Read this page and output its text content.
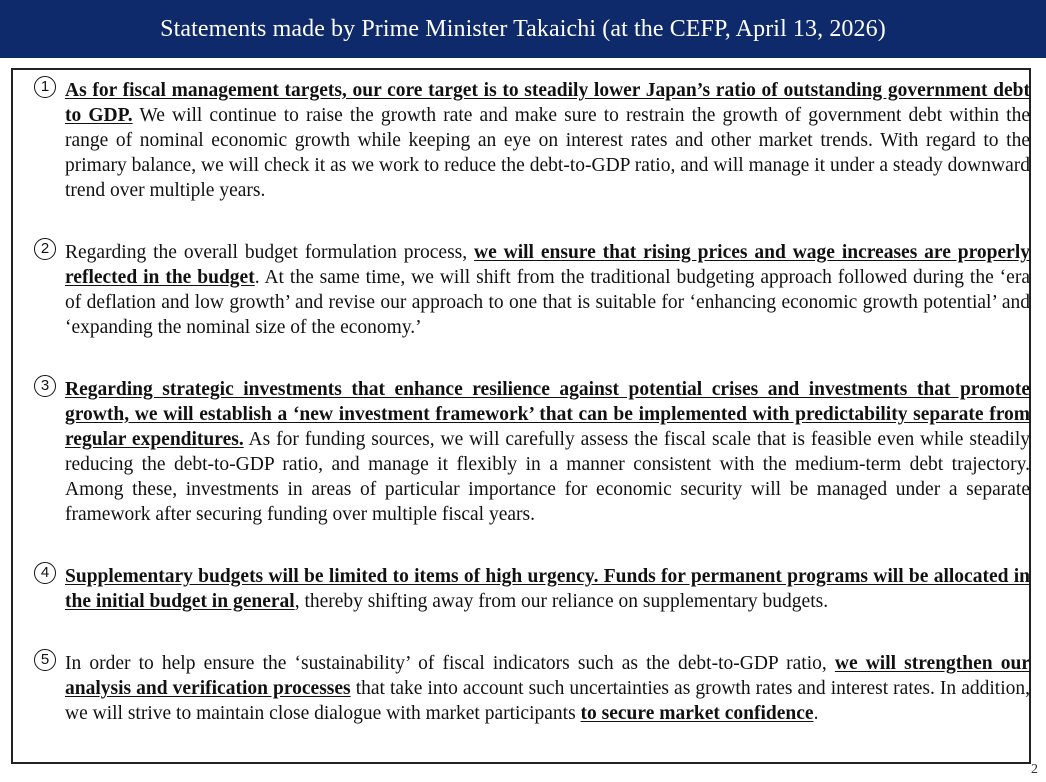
Statements made by Prime Minister Takaichi (at the CEFP, April 13, 2026)
1 As for fiscal management targets, our core target is to steadily lower Japan’s ratio of outstanding government debt to GDP. We will continue to raise the growth rate and make sure to restrain the growth of government debt within the range of nominal economic growth while keeping an eye on interest rates and other market trends. With regard to the primary balance, we will check it as we work to reduce the debt-to-GDP ratio, and will manage it under a steady downward trend over multiple years.
2 Regarding the overall budget formulation process, we will ensure that rising prices and wage increases are properly reflected in the budget. At the same time, we will shift from the traditional budgeting approach followed during the ‘era of deflation and low growth’ and revise our approach to one that is suitable for ‘enhancing economic growth potential’ and ‘expanding the nominal size of the economy.’
3 Regarding strategic investments that enhance resilience against potential crises and investments that promote growth, we will establish a ‘new investment framework’ that can be implemented with predictability separate from regular expenditures. As for funding sources, we will carefully assess the fiscal scale that is feasible even while steadily reducing the debt-to-GDP ratio, and manage it flexibly in a manner consistent with the medium-term debt trajectory. Among these, investments in areas of particular importance for economic security will be managed under a separate framework after securing funding over multiple fiscal years.
4 Supplementary budgets will be limited to items of high urgency. Funds for permanent programs will be allocated in the initial budget in general, thereby shifting away from our reliance on supplementary budgets.
5 In order to help ensure the ‘sustainability’ of fiscal indicators such as the debt-to-GDP ratio, we will strengthen our analysis and verification processes that take into account such uncertainties as growth rates and interest rates. In addition, we will strive to maintain close dialogue with market participants to secure market confidence.
2
